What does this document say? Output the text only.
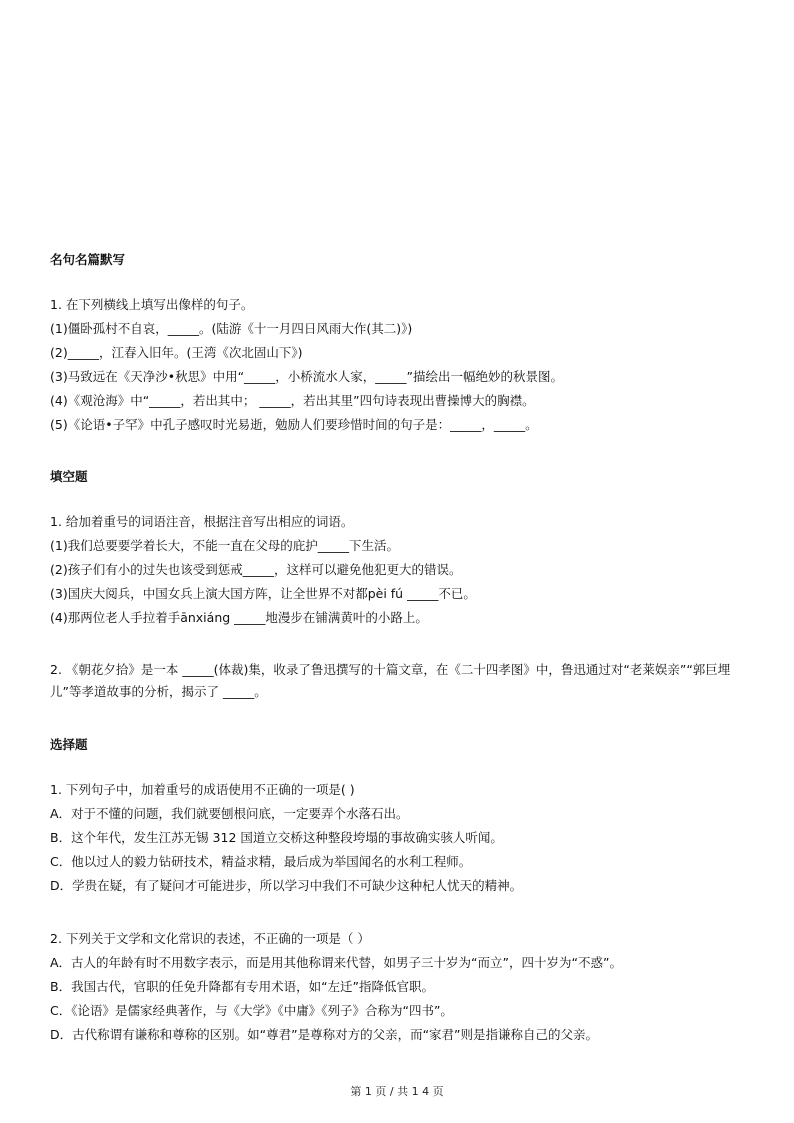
名句名篇默写
1. 在下列横线上填写出像样的句子。
(1)僵卧孤村不自哀，_____。(陆游《十一月四日风雨大作(其二)》)
(2)_____，江春入旧年。(王湾《次北固山下》)
(3)马致远在《天净沙•秋思》中用“_____，小桥流水人家，_____”描绘出一幅绝妙的秋景图。
(4)《观沧海》中“_____，若出其中； _____，若出其里”四句诗表现出曹操博大的胸襟。
(5)《论语•子罕》中孔子感叹时光易逝，勉励人们要珍惜时间的句子是：_____，_____。
填空题
1. 给加着重号的词语注音，根据注音写出相应的词语。
(1)我们总要要学着长大，不能一直在父母的庇护_____下生活。
(2)孩子们有小的过失也该受到惩戒_____，这样可以避免他犯更大的错误。
(3)国庆大阅兵，中国女兵上演大国方阵，让全世界不对都pèi fú _____不已。
(4)那两位老人手拉着手ānxiáng _____地漫步在铺满黄叶的小路上。
2. 《朝花夕拾》是一本 _____(体裁)集，收录了鲁迅撰写的十篇文章，在《二十四孝图》中，鲁迅通过对“老莱娱亲”“郭巨埋儿”等孝道故事的分析，揭示了 _____。
选择题
1. 下列句子中，加着重号的成语使用不正确的一项是( )
A．对于不懂的问题，我们就要刨根问底，一定要弄个水落石出。
B．这个年代，发生江苏无锡 312 国道立交桥这种整段垮塌的事故确实骇人听闻。
C．他以过人的毅力钻研技术，精益求精，最后成为举国闻名的水利工程师。
D．学贵在疑，有了疑问才可能进步，所以学习中我们不可缺少这种杞人忧天的精神。
2. 下列关于文学和文化常识的表述，不正确的一项是（ ）
A．古人的年龄有时不用数字表示，而是用其他称谓来代替，如男子三十岁为“而立”，四十岁为“不惑”。
B．我国古代，官职的任免升降都有专用术语，如“左迁”指降低官职。
C．《论语》是儒家经典著作，与《大学》《中庸》《列子》合称为“四书”。
D．古代称谓有谦称和尊称的区别。如“尊君”是尊称对方的父亲，而“家君”则是指谦称自己的父亲。
第 1 页 / 共 1 4 页
